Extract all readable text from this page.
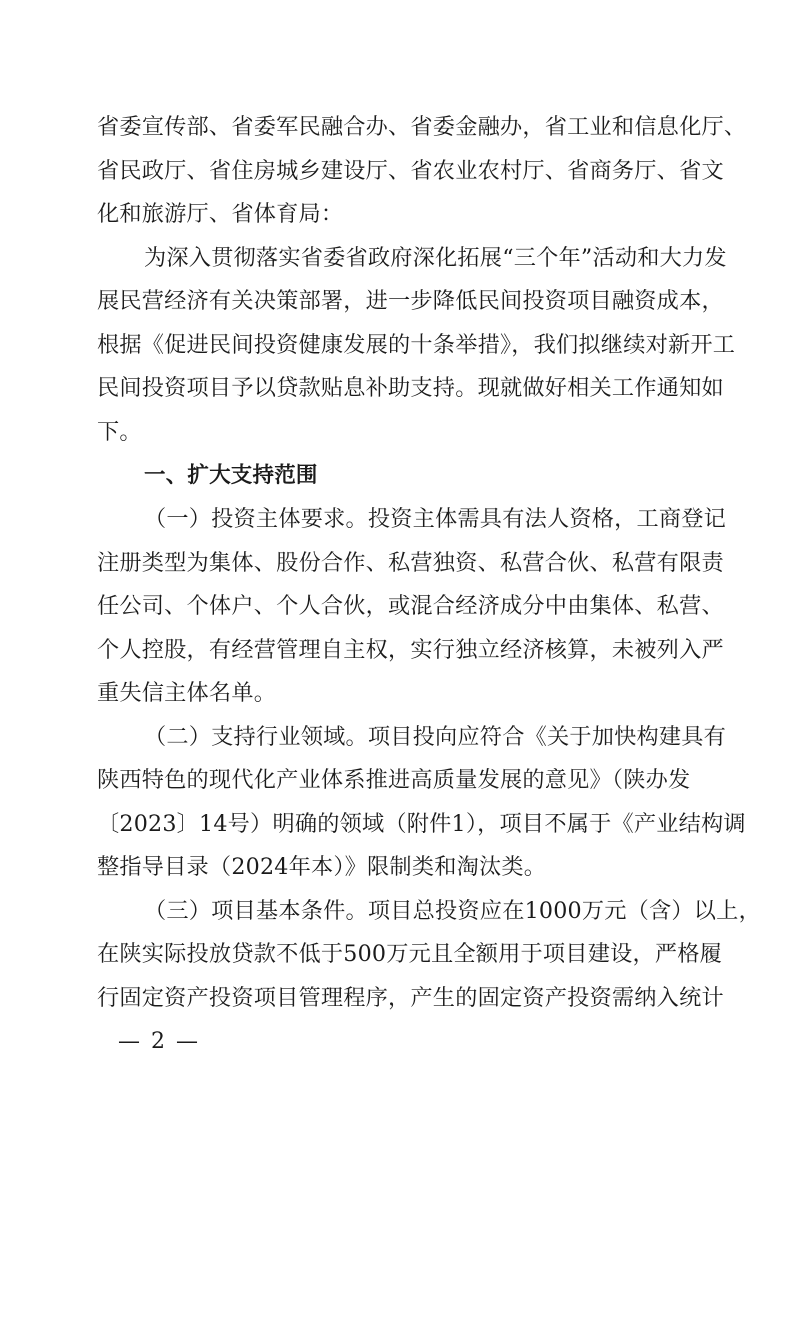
省委宣传部、省委军民融合办、省委金融办，省工业和信息化厅、
省民政厅、省住房城乡建设厅、省农业农村厅、省商务厅、省文
化和旅游厅、省体育局：
为深入贯彻落实省委省政府深化拓展“三个年”活动和大力发
展民营经济有关决策部署，进一步降低民间投资项目融资成本，
根据《促进民间投资健康发展的十条举措》，我们拟继续对新开工
民间投资项目予以贷款贴息补助支持。现就做好相关工作通知如
下。
一、扩大支持范围
（一）投资主体要求。投资主体需具有法人资格，工商登记
注册类型为集体、股份合作、私营独资、私营合伙、私营有限责
任公司、个体户、个人合伙，或混合经济成分中由集体、私营、
个人控股，有经营管理自主权，实行独立经济核算，未被列入严
重失信主体名单。
（二）支持行业领域。项目投向应符合《关于加快构建具有
陕西特色的现代化产业体系推进高质量发展的意见》（陕办发
〔2023〕14号）明确的领域（附件1），项目不属于《产业结构调
整指导目录（2024年本）》限制类和淘汰类。
（三）项目基本条件。项目总投资应在1000万元（含）以上，
在陕实际投放贷款不低于500万元且全额用于项目建设，严格履
行固定资产投资项目管理程序，产生的固定资产投资需纳入统计
— 2 —
